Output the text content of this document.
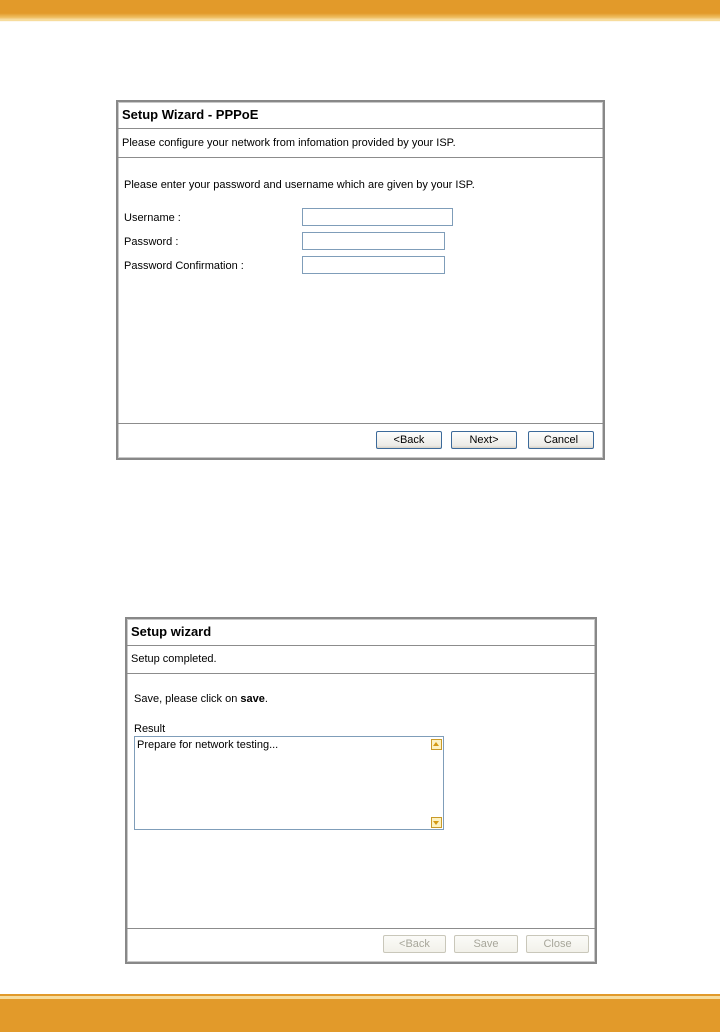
Setup Wizard - PPPoE
Please configure your network from infomation provided by your ISP.
Please enter your password and username which are given by your ISP.
Username :
Password :
Password Confirmation :
<Back	Next>	Cancel
Setup wizard
Setup completed.
Save, please click on save.
Result
Prepare for network testing...
<Back	Save	Close
